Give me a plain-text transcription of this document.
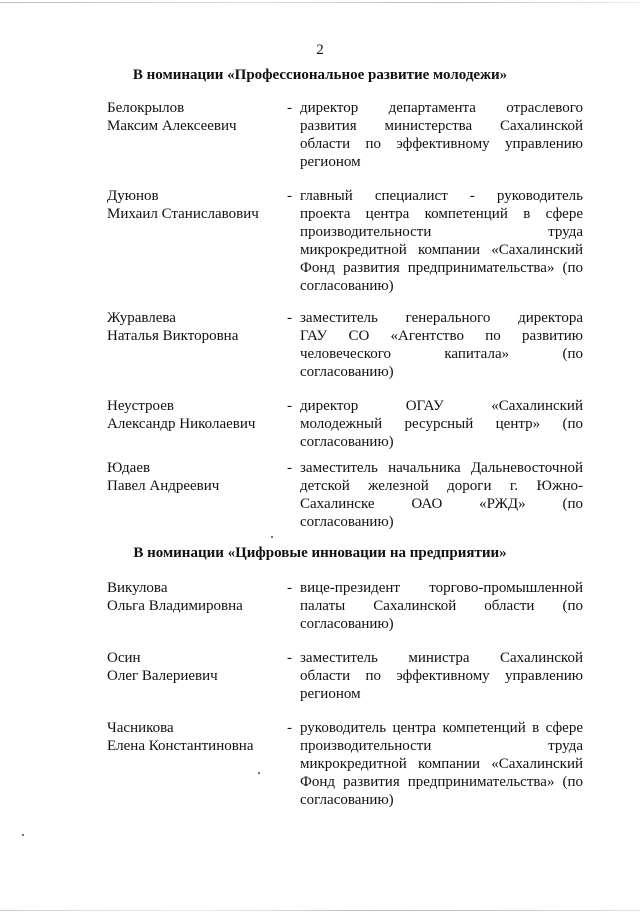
2
В номинации «Профессиональное развитие молодежи»
Белокрылов
Максим Алексеевич
- директор департамента отраслевого
развития министерства Сахалинской
области по эффективному управлению
регионом
Дуюнов
Михаил Станиславович
- главный специалист - руководитель
проекта центра компетенций в сфере
производительности труда
микрокредитной компании «Сахалинский
Фонд развития предпринимательства» (по
согласованию)
Журавлева
Наталья Викторовна
- заместитель генерального директора
ГАУ СО «Агентство по развитию
человеческого капитала» (по
согласованию)
Неустроев
Александр Николаевич
- директор ОГАУ «Сахалинский
молодежный ресурсный центр» (по
согласованию)
Юдаев
Павел Андреевич
- заместитель начальника Дальневосточной
детской железной дороги г. Южно-
Сахалинске ОАО «РЖД» (по
согласованию)
В номинации «Цифровые инновации на предприятии»
Викулова
Ольга Владимировна
- вице-президент торгово-промышленной
палаты Сахалинской области (по
согласованию)
Осин
Олег Валериевич
- заместитель министра Сахалинской
области по эффективному управлению
регионом
Часникова
Елена Константиновна
- руководитель центра компетенций в сфере
производительности труда
микрокредитной компании «Сахалинский
Фонд развития предпринимательства» (по
согласованию)
